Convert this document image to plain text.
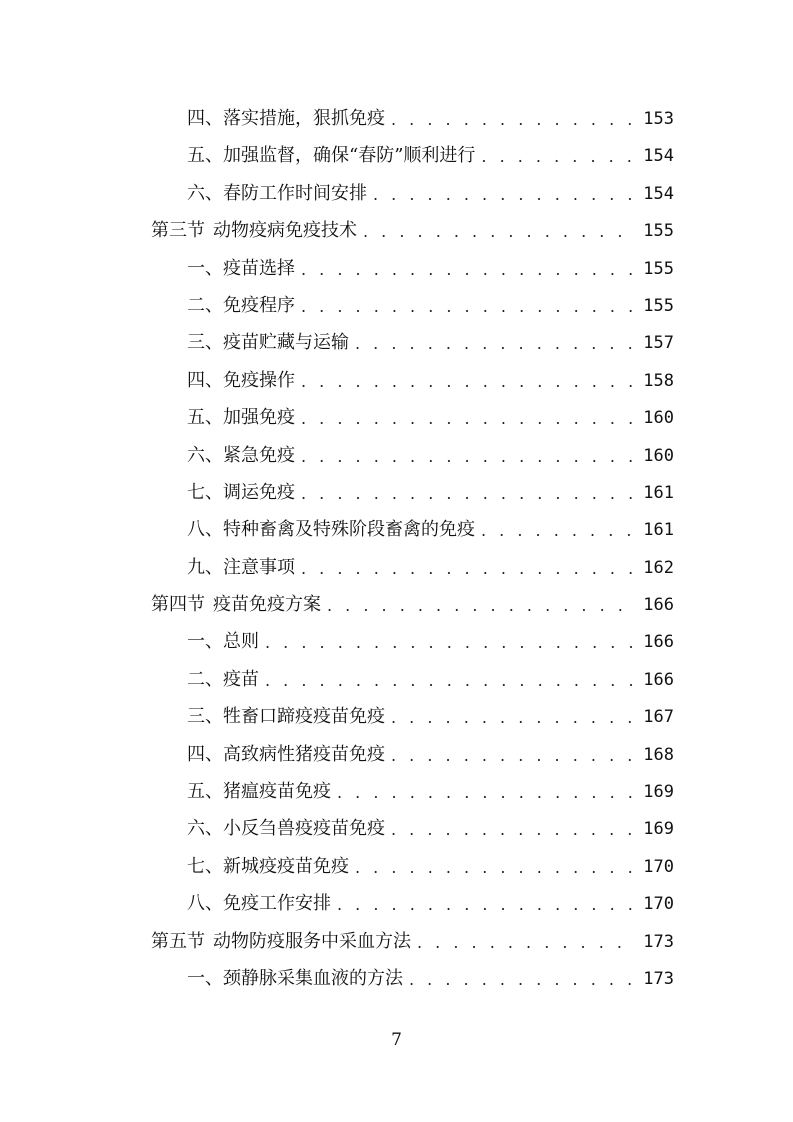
四、 落实措施，狠抓免疫 . . .	153
五、 加强监督，确保“春防”顺利进行 . . .	154
六、 春防工作时间安排 . . .	154
第三节 动物疫病免疫技术 . . .	155
一、 疫苗选择 . . .	155
二、 免疫程序 . . .	155
三、 疫苗贮藏与运输 . . .	157
四、 免疫操作 . . .	158
五、 加强免疫 . . .	160
六、 紧急免疫 . . .	160
七、 调运免疫 . . .	161
八、 特种畜禽及特殊阶段畜禽的免疫 . . .	161
九、 注意事项 . . .	162
第四节 疫苗免疫方案 . . .	166
一、 总则 . . .	166
二、 疫苗 . . .	166
三、 牲畜口蹄疫疫苗免疫 . . .	167
四、 高致病性猪疫苗免疫 . . .	168
五、 猪瘟疫苗免疫 . . .	169
六、 小反刍兽疫疫苗免疫 . . .	169
七、 新城疫疫苗免疫 . . .	170
八、 免疫工作安排 . . .	170
第五节 动物防疫服务中采血方法 . . .	173
一、 颈静脉采集血液的方法 . . .	173
7
